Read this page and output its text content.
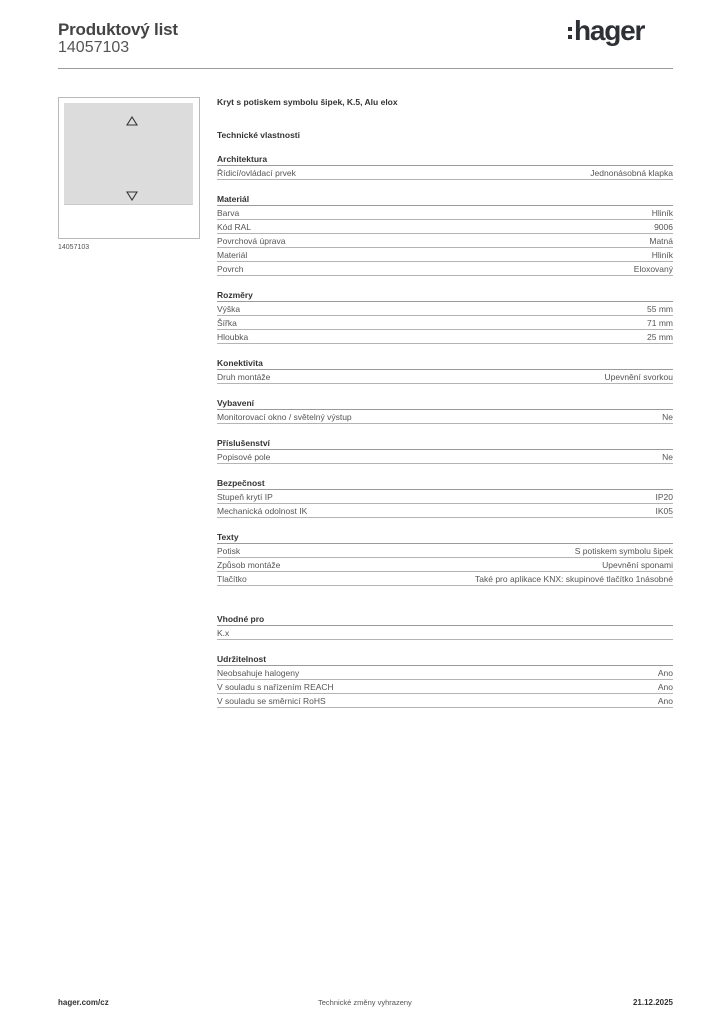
Produktový list
14057103
hager
14057103
Kryt s potiskem symbolu šipek, K.5, Alu elox
Technické vlastnosti
Architektura
Řídicí/ovládací prvek	Jednonásobná klapka
Materiál
Barva	Hliník
Kód RAL	9006
Povrchová úprava	Matná
Materiál	Hliník
Povrch	Eloxovaný
Rozměry
Výška	55 mm
Šířka	71 mm
Hloubka	25 mm
Konektivita
Druh montáže	Upevnění svorkou
Vybavení
Monitorovací okno / světelný výstup	Ne
Příslušenství
Popisové pole	Ne
Bezpečnost
Stupeň krytí IP	IP20
Mechanická odolnost IK	IK05
Texty
Potisk	S potiskem symbolu šipek
Způsob montáže	Upevnění sponami
Tlačítko	Také pro aplikace KNX: skupinové tlačítko 1násobné
Vhodné pro
K.x
Udržitelnost
Neobsahuje halogeny	Ano
V souladu s nařízením REACH	Ano
V souladu se směrnicí RoHS	Ano
hager.com/cz	Technické změny vyhrazeny	21.12.2025
